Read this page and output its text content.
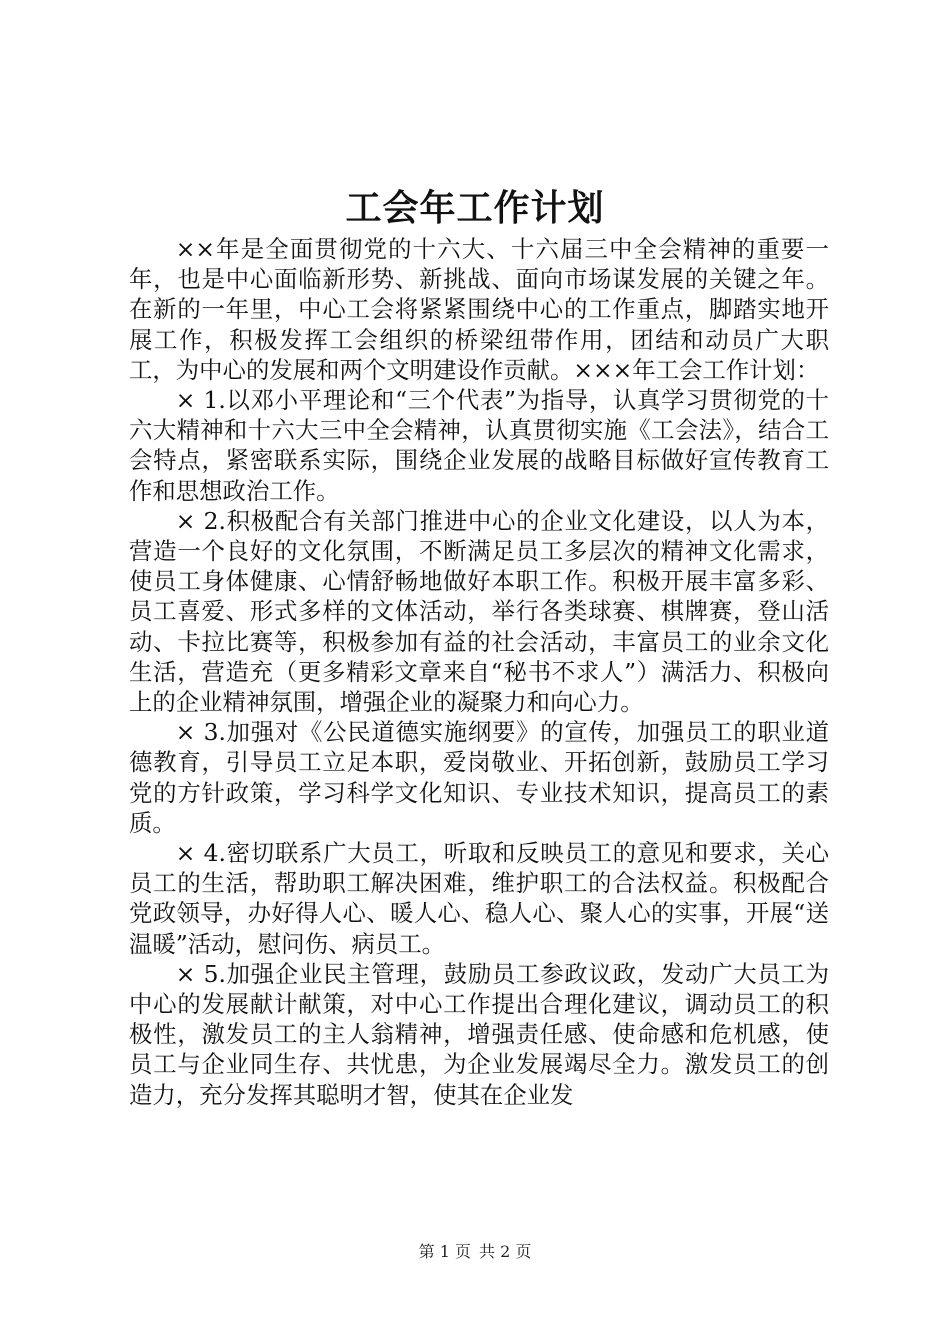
工会年工作计划

××年是全面贯彻党的十六大、十六届三中全会精神的重要一年，也是中心面临新形势、新挑战、面向市场谋发展的关键之年。在新的一年里，中心工会将紧紧围绕中心的工作重点，脚踏实地开展工作，积极发挥工会组织的桥梁纽带作用，团结和动员广大职工，为中心的发展和两个文明建设作贡献。×××年工会工作计划：

× 1.以邓小平理论和“三个代表”为指导，认真学习贯彻党的十六大精神和十六大三中全会精神，认真贯彻实施《工会法》，结合工会特点，紧密联系实际，围绕企业发展的战略目标做好宣传教育工作和思想政治工作。

× 2.积极配合有关部门推进中心的企业文化建设，以人为本，营造一个良好的文化氛围，不断满足员工多层次的精神文化需求，使员工身体健康、心情舒畅地做好本职工作。积极开展丰富多彩、员工喜爱、形式多样的文体活动，举行各类球赛、棋牌赛，登山活动、卡拉比赛等，积极参加有益的社会活动，丰富员工的业余文化生活，营造充（更多精彩文章来自“秘书不求人”）满活力、积极向上的企业精神氛围，增强企业的凝聚力和向心力。

× 3.加强对《公民道德实施纲要》的宣传，加强员工的职业道德教育，引导员工立足本职，爱岗敬业、开拓创新，鼓励员工学习党的方针政策，学习科学文化知识、专业技术知识，提高员工的素质。

× 4.密切联系广大员工，听取和反映员工的意见和要求，关心员工的生活，帮助职工解决困难，维护职工的合法权益。积极配合党政领导，办好得人心、暖人心、稳人心、聚人心的实事，开展“送温暖”活动，慰问伤、病员工。

× 5.加强企业民主管理，鼓励员工参政议政，发动广大员工为中心的发展献计献策，对中心工作提出合理化建议，调动员工的积极性，激发员工的主人翁精神，增强责任感、使命感和危机感，使员工与企业同生存、共忧患，为企业发展竭尽全力。激发员工的创造力，充分发挥其聪明才智，使其在企业发

第 1 页 共 2 页
